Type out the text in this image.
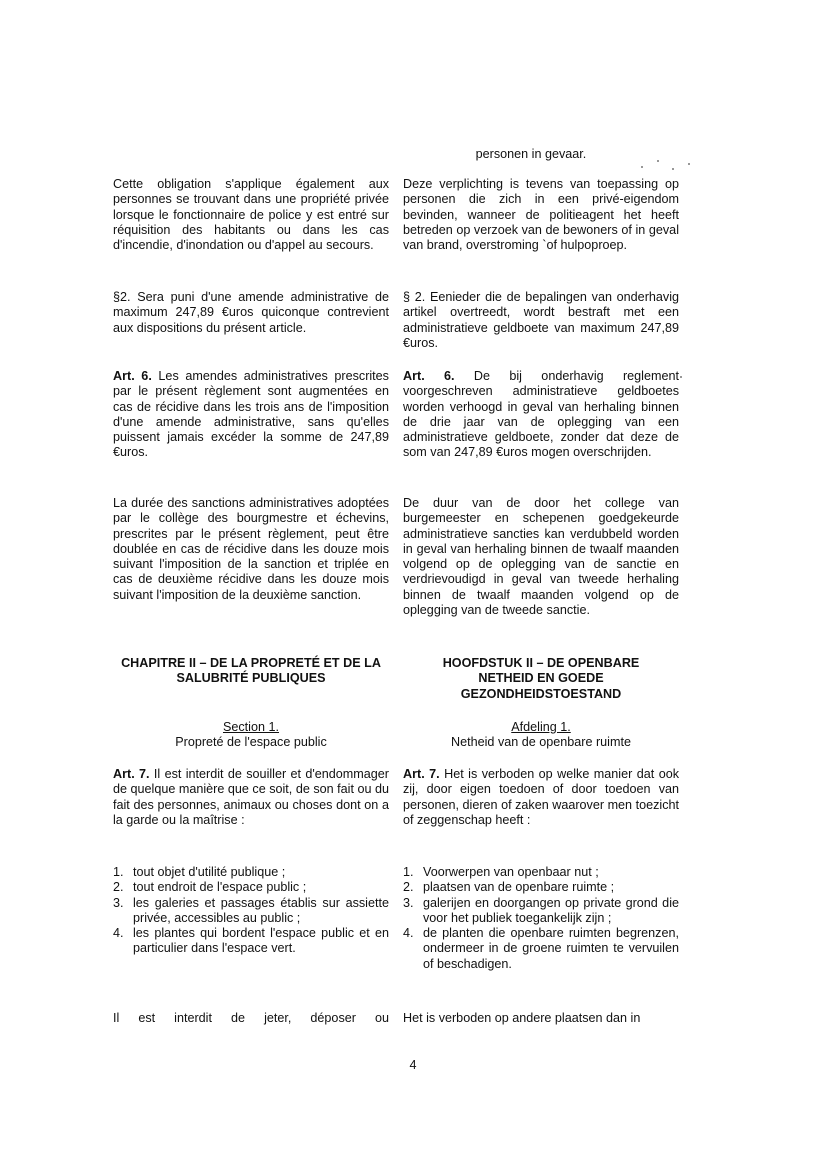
Cette obligation s'applique également aux personnes se trouvant dans une propriété privée lorsque le fonctionnaire de police y est entré sur réquisition des habitants ou dans les cas d'incendie, d'inondation ou d'appel au secours.

§2. Sera puni d'une amende administrative de maximum 247,89 €uros quiconque contrevient aux dispositions du présent article.

Art. 6. Les amendes administratives prescrites par le présent règlement sont augmentées en cas de récidive dans les trois ans de l'imposition d'une amende administrative, sans qu'elles puissent jamais excéder la somme de 247,89 €uros.

La durée des sanctions administratives adoptées par le collège des bourgmestre et échevins, prescrites par le présent règlement, peut être doublée en cas de récidive dans les douze mois suivant l'imposition de la sanction et triplée en cas de deuxième récidive dans les douze mois suivant l'imposition de la deuxième sanction.

CHAPITRE II – DE LA PROPRETÉ ET DE LA SALUBRITÉ PUBLIQUES
Section 1.
Propreté de l'espace public

Art. 7. Il est interdit de souiller et d'endommager de quelque manière que ce soit, de son fait ou du fait des personnes, animaux ou choses dont on a la garde ou la maîtrise :

1. tout objet d'utilité publique ;
2. tout endroit de l'espace public ;
3. les galeries et passages établis sur assiette privée, accessibles au public ;
4. les plantes qui bordent l'espace public et en particulier dans l'espace vert.

Il est interdit de jeter, déposer ou

personen in gevaar.

Deze verplichting is tevens van toepassing op personen die zich in een privé-eigendom bevinden, wanneer de politieagent het heeft betreden op verzoek van de bewoners of in geval van brand, overstroming `of hulpoproep.

§ 2. Eenieder die de bepalingen van onderhavig artikel overtreedt, wordt bestraft met een administratieve geldboete van maximum 247,89 €uros.

Art. 6. De bij onderhavig reglement voorgeschreven administratieve geldboetes worden verhoogd in geval van herhaling binnen de drie jaar van de oplegging van een administratieve geldboete, zonder dat deze de som van 247,89 €uros mogen overschrijden.

De duur van de door het college van burgemeester en schepenen goedgekeurde administratieve sancties kan verdubbeld worden in geval van herhaling binnen de twaalf maanden volgend op de oplegging van de sanctie en verdrievoudigd in geval van tweede herhaling binnen de twaalf maanden volgend op de oplegging van de tweede sanctie.

HOOFDSTUK II – DE OPENBARE NETHEID EN GOEDE GEZONDHEIDSTOESTAND
Afdeling 1.
Netheid van de openbare ruimte

Art. 7. Het is verboden op welke manier dat ook zij, door eigen toedoen of door toedoen van personen, dieren of zaken waarover men toezicht of zeggenschap heeft :

1. Voorwerpen van openbaar nut ;
2. plaatsen van de openbare ruimte ;
3. galerijen en doorgangen op private grond die voor het publiek toegankelijk zijn ;
4. de planten die openbare ruimten begrenzen, ondermeer in de groene ruimten te vervuilen of beschadigen.

Het is verboden op andere plaatsen dan in

4
